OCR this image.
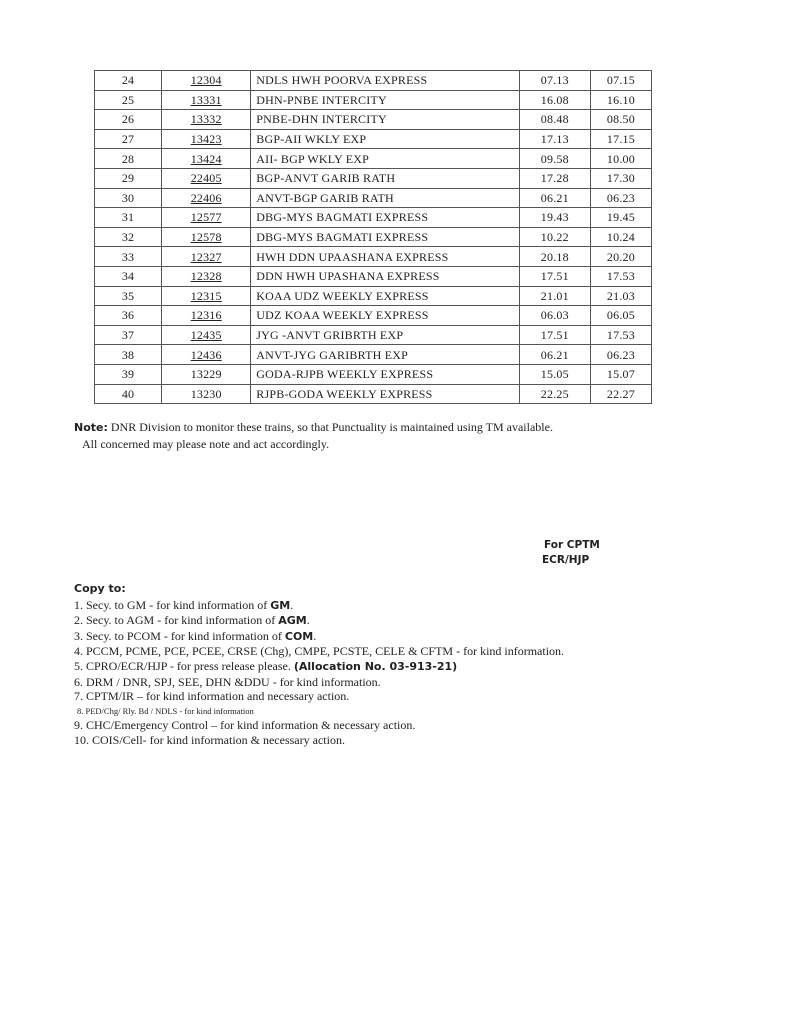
24	12304	NDLS HWH POORVA EXPRESS	07.13	07.15
25	13331	DHN-PNBE INTERCITY	16.08	16.10
26	13332	PNBE-DHN INTERCITY	08.48	08.50
27	13423	BGP-AII WKLY EXP	17.13	17.15
28	13424	AII- BGP WKLY EXP	09.58	10.00
29	22405	BGP-ANVT GARIB RATH	17.28	17.30
30	22406	ANVT-BGP GARIB RATH	06.21	06.23
31	12577	DBG-MYS BAGMATI EXPRESS	19.43	19.45
32	12578	DBG-MYS BAGMATI EXPRESS	10.22	10.24
33	12327	HWH DDN UPAASHANA EXPRESS	20.18	20.20
34	12328	DDN HWH UPASHANA EXPRESS	17.51	17.53
35	12315	KOAA UDZ WEEKLY EXPRESS	21.01	21.03
36	12316	UDZ KOAA WEEKLY EXPRESS	06.03	06.05
37	12435	JYG -ANVT GRIBRTH EXP	17.51	17.53
38	12436	ANVT-JYG GARIBRTH EXP	06.21	06.23
39	13229	GODA-RJPB WEEKLY EXPRESS	15.05	15.07
40	13230	RJPB-GODA WEEKLY EXPRESS	22.25	22.27
Note: DNR Division to monitor these trains, so that Punctuality is maintained using TM available.
All concerned may please note and act accordingly.
For CPTM
ECR/HJP
Copy to:
1. Secy. to GM - for kind information of GM.
2. Secy. to AGM - for kind information of AGM.
3. Secy. to PCOM - for kind information of COM.
4. PCCM, PCME, PCE, PCEE, CRSE (Chg), CMPE, PCSTE, CELE & CFTM - for kind information.
5. CPRO/ECR/HJP - for press release please. (Allocation No. 03-913-21)
6. DRM / DNR, SPJ, SEE, DHN &DDU - for kind information.
7. CPTM/IR – for kind information and necessary action.
8. PED/Chg/ Rly. Bd / NDLS - for kind information
9. CHC/Emergency Control – for kind information & necessary action.
10. COIS/Cell- for kind information & necessary action.
